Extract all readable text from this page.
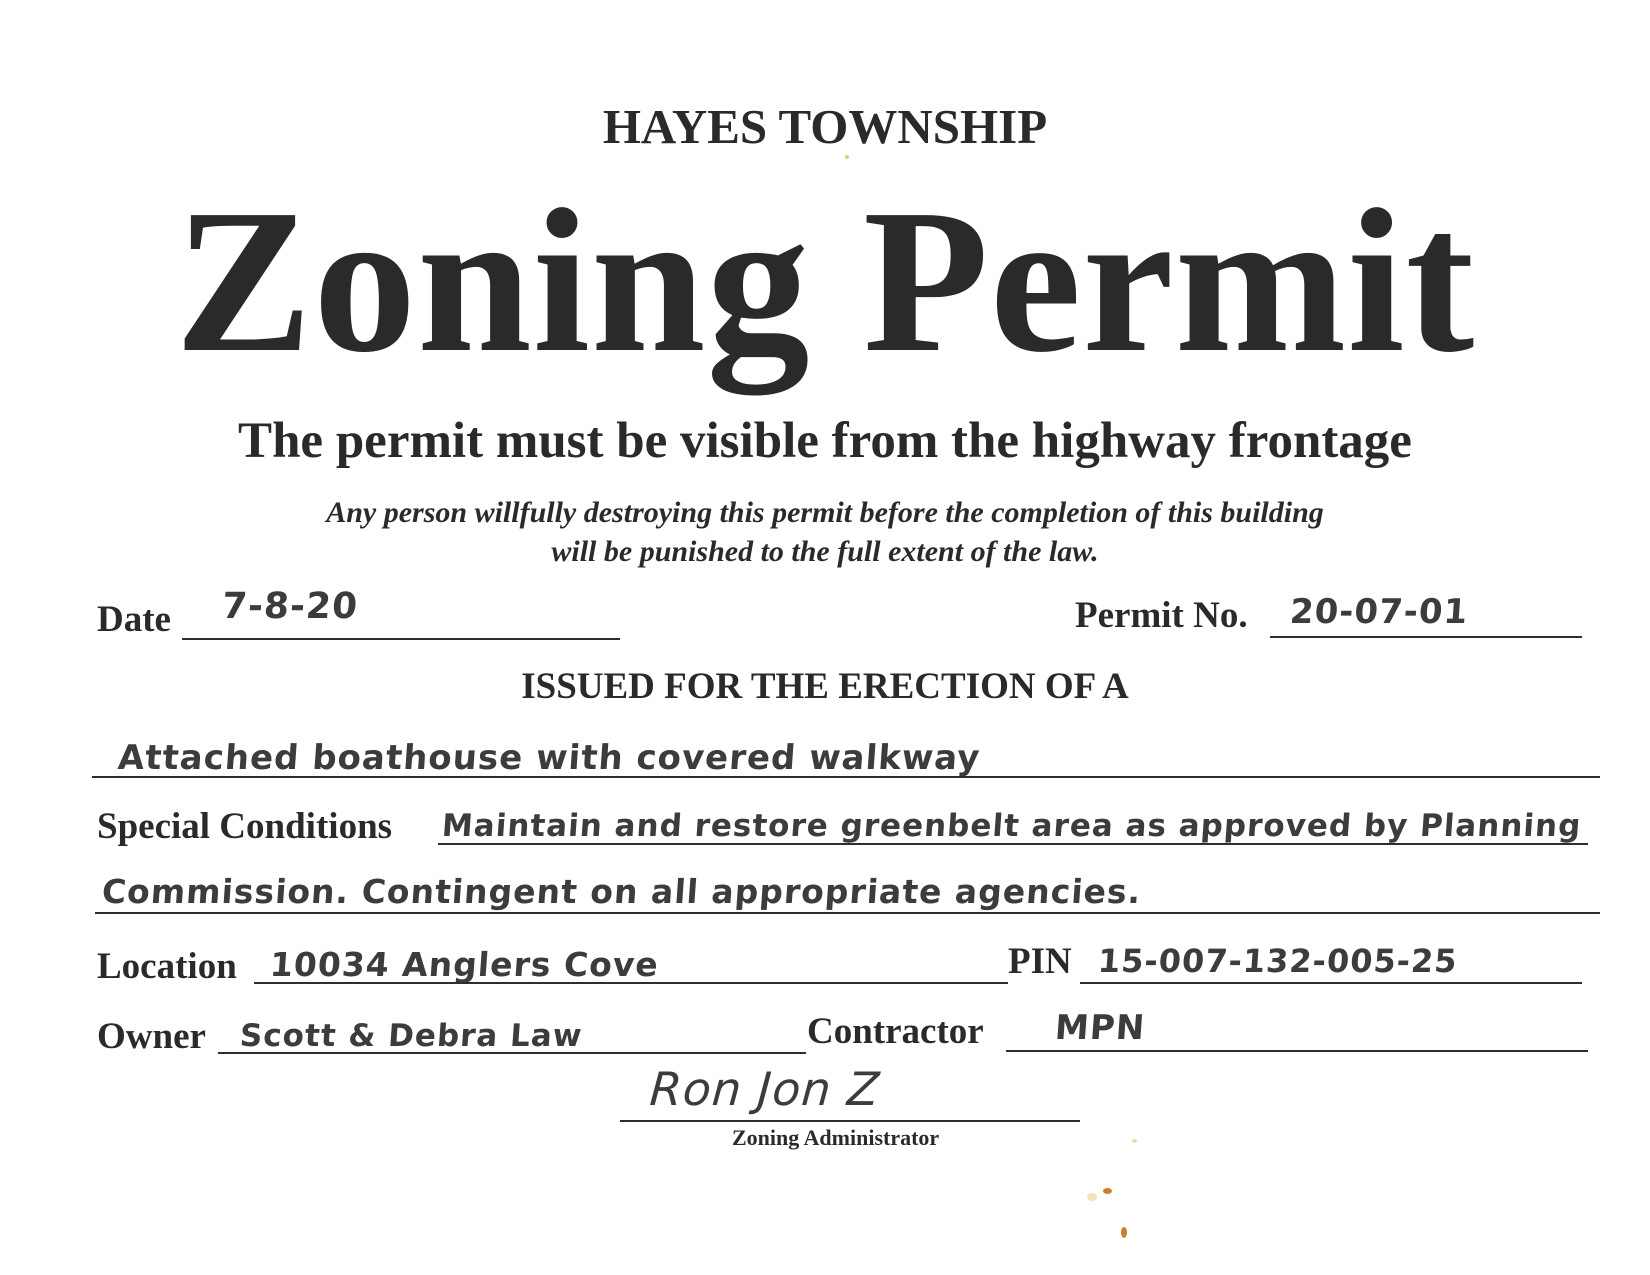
HAYES TOWNSHIP
Zoning Permit
The permit must be visible from the highway frontage
Any person willfully destroying this permit before the completion of this building
will be punished to the full extent of the law.
Date 7-8-20	Permit No. 20-07-01
ISSUED FOR THE ERECTION OF A
Attached boathouse with covered walkway
Special Conditions Maintain and restore greenbelt area as approved by Planning
Commission. Contingent on all appropriate agencies.
Location 10034 Anglers Cove	PIN 15-007-132-005-25
Owner Scott & Debra Law	Contractor MPN
Ron Jon Z
Zoning Administrator
